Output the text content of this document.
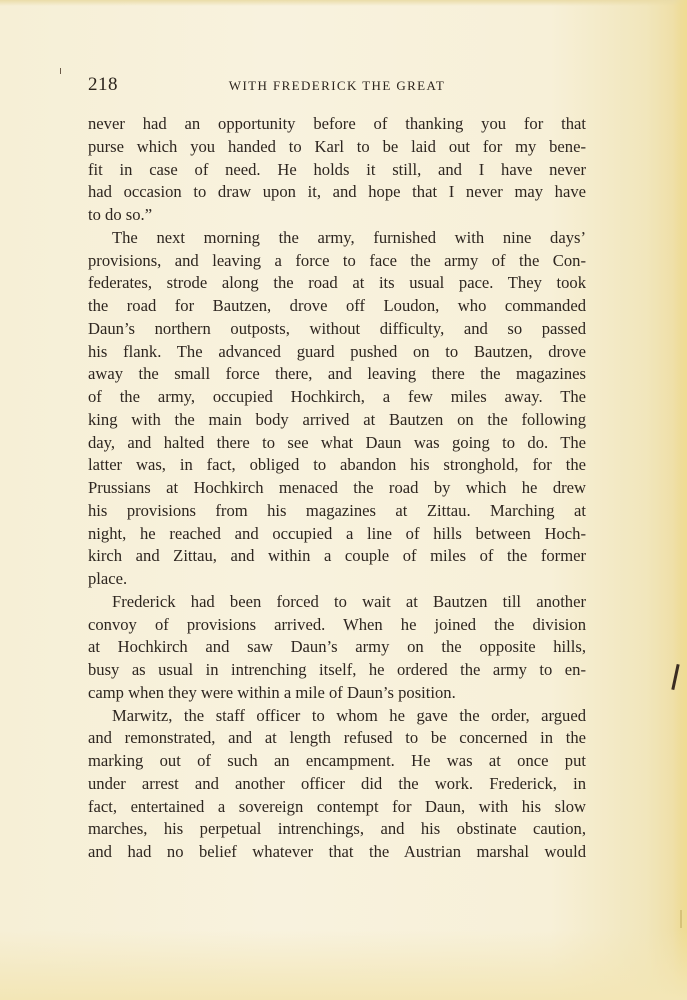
218	WITH FREDERICK THE GREAT
never had an opportunity before of thanking you for that
purse which you handed to Karl to be laid out for my bene-
fit in case of need. He holds it still, and I have never
had occasion to draw upon it, and hope that I never may have
to do so.”
The next morning the army, furnished with nine days’
provisions, and leaving a force to face the army of the Con-
federates, strode along the road at its usual pace. They took
the road for Bautzen, drove off Loudon, who commanded
Daun’s northern outposts, without difficulty, and so passed
his flank. The advanced guard pushed on to Bautzen, drove
away the small force there, and leaving there the magazines
of the army, occupied Hochkirch, a few miles away. The
king with the main body arrived at Bautzen on the following
day, and halted there to see what Daun was going to do. The
latter was, in fact, obliged to abandon his stronghold, for the
Prussians at Hochkirch menaced the road by which he drew
his provisions from his magazines at Zittau. Marching at
night, he reached and occupied a line of hills between Hoch-
kirch and Zittau, and within a couple of miles of the former
place.
Frederick had been forced to wait at Bautzen till another
convoy of provisions arrived. When he joined the division
at Hochkirch and saw Daun’s army on the opposite hills,
busy as usual in intrenching itself, he ordered the army to en-
camp when they were within a mile of Daun’s position.
Marwitz, the staff officer to whom he gave the order, argued
and remonstrated, and at length refused to be concerned in the
marking out of such an encampment. He was at once put
under arrest and another officer did the work. Frederick, in
fact, entertained a sovereign contempt for Daun, with his slow
marches, his perpetual intrenchings, and his obstinate caution,
and had no belief whatever that the Austrian marshal would
